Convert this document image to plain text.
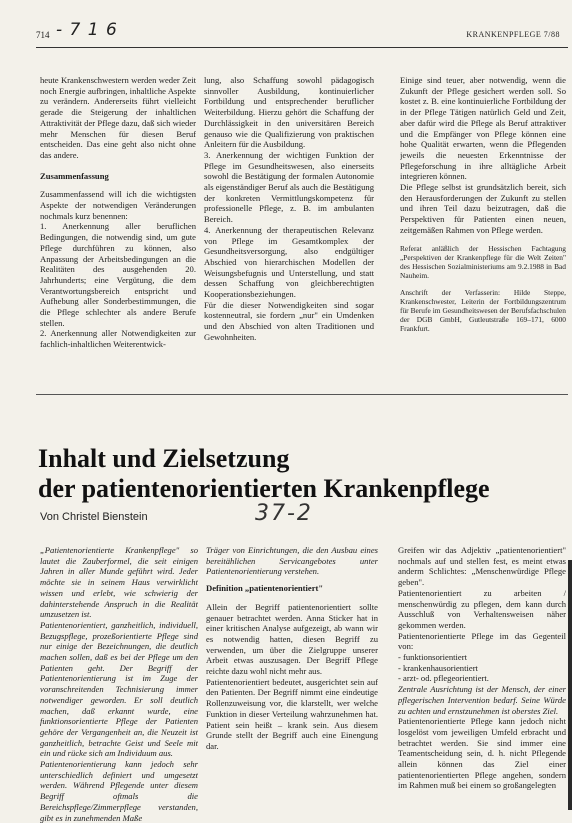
714 - 7 1 6	KRANKENPFLEGE 7/88

heute Krankenschwestern werden weder Zeit noch Energie aufbringen, inhaltliche Aspekte zu verändern. Andererseits führt vielleicht gerade die Steigerung der inhaltlichen Attraktivität der Pflege dazu, daß sich wieder mehr Menschen für diesen Beruf entscheiden. Das eine geht also nicht ohne das andere.

Zusammenfassung

Zusammenfassend will ich die wichtigsten Aspekte der notwendigen Veränderungen nochmals kurz benennen:

1. Anerkennung aller beruflichen Bedingungen, die notwendig sind, um gute Pflege durchführen zu können, also Anpassung der Arbeitsbedingungen an die Realitäten des ausgehenden 20. Jahrhunderts; eine Vergütung, die dem Verantwortungsbereich entspricht und Aufhebung aller Sonderbestimmungen, die die Pflege schlechter als andere Berufe stellen.

2. Anerkennung aller Notwendigkeiten zur fachlich-inhaltlichen Weiterentwick-

lung, also Schaffung sowohl pädagogisch sinnvoller Ausbildung, kontinuierlicher Fortbildung und entsprechender beruflicher Weiterbildung. Hierzu gehört die Schaffung der Durchlässigkeit in den universitären Bereich genauso wie die Qualifizierung von praktischen Anleitern für die Ausbildung.

3. Anerkennung der wichtigen Funktion der Pflege im Gesundheitswesen, also einerseits sowohl die Bestätigung der formalen Autonomie als eigenständiger Beruf als auch die Bestätigung der konkreten Vermittlungskompetenz für professionelle Pflege, z. B. im ambulanten Bereich.

4. Anerkennung der therapeutischen Relevanz von Pflege im Gesamtkomplex der Gesundheitsversorgung, also endgültiger Abschied von hierarchischen Modellen der Weisungsbefugnis und Unterstellung, und statt dessen Schaffung von gleichberechtigten Kooperationsbeziehungen.

Für die dieser Notwendigkeiten sind sogar kostenneutral, sie fordern „nur" ein Umdenken und den Abschied von alten Traditionen und Gewohnheiten.

Einige sind teuer, aber notwendig, wenn die Zukunft der Pflege gesichert werden soll. So kostet z. B. eine kontinuierliche Fortbildung der in der Pflege Tätigen natürlich Geld und Zeit, aber dafür wird die Pflege als Beruf attraktiver und die Empfänger von Pflege können eine hohe Qualität erwarten, wenn die Pflegenden jeweils die neuesten Erkenntnisse der Pflegeforschung in ihre alltägliche Arbeit integrieren können.

Die Pflege selbst ist grundsätzlich bereit, sich den Herausforderungen der Zukunft zu stellen und ihren Teil dazu beizutragen, daß die Perspektiven für Patienten einen neuen, zeitgemäßen Rahmen von Pflege werden.

Referat anläßlich der Hessischen Fachtagung „Perspektiven der Krankenpflege für die Welt Zeiten" des Hessischen Sozialministeriums am 9.2.1988 in Bad Nauheim.

Anschrift der Verfasserin: Hilde Steppe, Krankenschwester, Leiterin der Fortbildungszentrum für Berufe im Gesundheitswesen der Berufsfachschulen der DGB GmbH, Gutleutstraße 169–171, 6000 Frankfurt.

Inhalt und Zielsetzung
der patientenorientierten Krankenpflege
Von Christel Bienstein	37-2

„Patientenorientierte Krankenpflege" so lautet die Zauberformel, die seit einigen Jahren in aller Munde geführt wird. Jeder möchte sie in seinem Haus verwirklicht wissen und erlebt, wie schwierig der dahinterstehende Anspruch in die Realität umzusetzen ist.

Patientenorientiert, ganzheitlich, individuell, Bezugspflege, prozeßorientierte Pflege sind nur einige der Bezeichnungen, die deutlich machen sollen, daß es bei der Pflege um den Patienten geht. Der Begriff der Patientenorientierung ist im Zuge der voranschreitenden Technisierung immer notwendiger geworden. Er soll deutlich machen, daß erkannt wurde, eine funktionsorientierte Pflege der Patienten gehöre der Vergangenheit an, die Neuzeit ist ganzheitlich, betrachte Geist und Seele mit ein und rücke sich am Individuum aus.

Patientenorientierung kann jedoch sehr unterschiedlich definiert und umgesetzt werden. Während Pflegende unter diesem Begriff oftmals die Bereichspflege/Zimmerpflege verstanden, gibt es in zunehmenden Maße

Träger von Einrichtungen, die den Ausbau eines bereitählichen Servicangebotes unter Patientenorientierung verstehen.

Definition „patientenorientiert"

Allein der Begriff patientenorientiert sollte genauer betrachtet werden. Anna Sticker hat in einer kritischen Analyse aufgezeigt, ab wann wir es notwendig hatten, diesen Begriff zu verwenden, um über die Zielgruppe unserer Arbeit etwas auszusagen. Der Begriff Pflege reichte dazu wohl nicht mehr aus.

Patientenorientiert bedeutet, ausgerichtet sein auf den Patienten. Der Begriff nimmt eine eindeutige Rollenzuweisung vor, die klarstellt, wer welche Funktion in dieser Verteilung wahrzunehmen hat. Patient sein heißt – krank sein. Aus diesem Grunde stellt der Begriff auch eine Einengung dar.

Greifen wir das Adjektiv „patientenorientiert" nochmals auf und stellen fest, es meint etwas anderm Schlichtes: „Menschenwürdige Pflege geben".

Patientenorientiert zu arbeiten / menschenwürdig zu pflegen, dem kann durch Ausschluß von Verhaltensweisen näher gekommen werden.

Patientenorientierte Pflege im das Gegenteil von:

- funktionsorientiert

- krankenhausorientiert

- arzt- od. pflegeorientiert.

Zentrale Ausrichtung ist der Mensch, der einer pflegerischen Intervention bedarf. Seine Würde zu achten und ernstzunehmen ist oberstes Ziel.

Patientenorientierte Pflege kann jedoch nicht losgelöst vom jeweiligen Umfeld erbracht und betrachtet werden. Sie sind immer eine Teamentscheidung sein, d. h. nicht Pflegende allein können das Ziel einer patientenorientierten Pflege angehen, sondern im Rahmen muß bei einem so großangelegten
